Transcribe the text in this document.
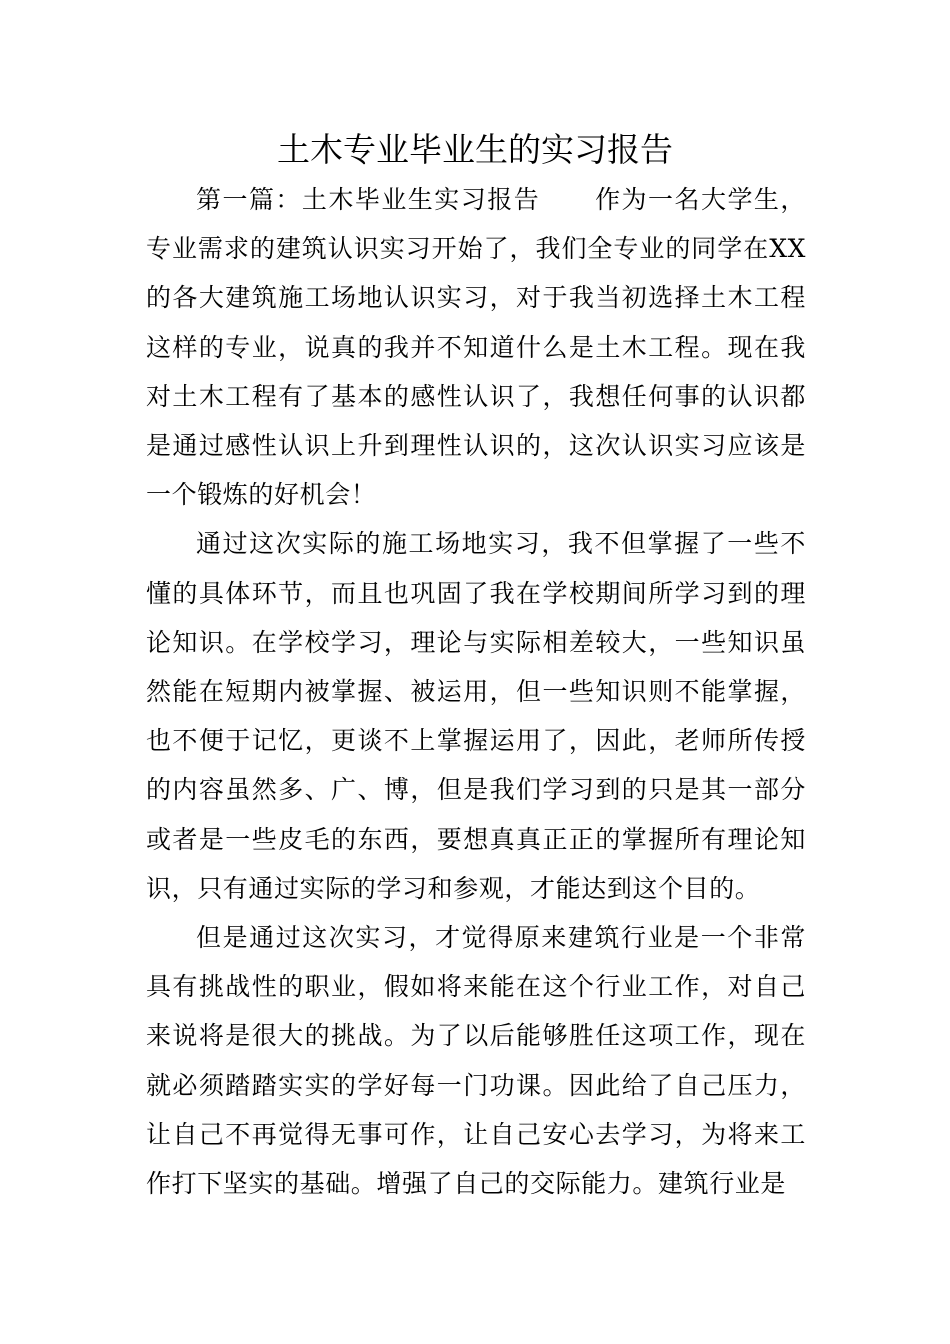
土木专业毕业生的实习报告

第一篇：土木毕业生实习报告 作为一名大学生，专业需求的建筑认识实习开始了，我们全专业的同学在XX的各大建筑施工场地认识实习，对于我当初选择土木工程这样的专业，说真的我并不知道什么是土木工程。现在我对土木工程有了基本的感性认识了，我想任何事的认识都是通过感性认识上升到理性认识的，这次认识实习应该是一个锻炼的好机会！

通过这次实际的施工场地实习，我不但掌握了一些不懂的具体环节，而且也巩固了我在学校期间所学习到的理论知识。在学校学习，理论与实际相差较大，一些知识虽然能在短期内被掌握、被运用，但一些知识则不能掌握，也不便于记忆，更谈不上掌握运用了，因此，老师所传授的内容虽然多、广、博，但是我们学习到的只是其一部分或者是一些皮毛的东西，要想真真正正的掌握所有理论知识，只有通过实际的学习和参观，才能达到这个目的。

但是通过这次实习，才觉得原来建筑行业是一个非常具有挑战性的职业，假如将来能在这个行业工作，对自己来说将是很大的挑战。为了以后能够胜任这项工作，现在就必须踏踏实实的学好每一门功课。因此给了自己压力，让自己不再觉得无事可作，让自己安心去学习，为将来工作打下坚实的基础。增强了自己的交际能力。建筑行业是
